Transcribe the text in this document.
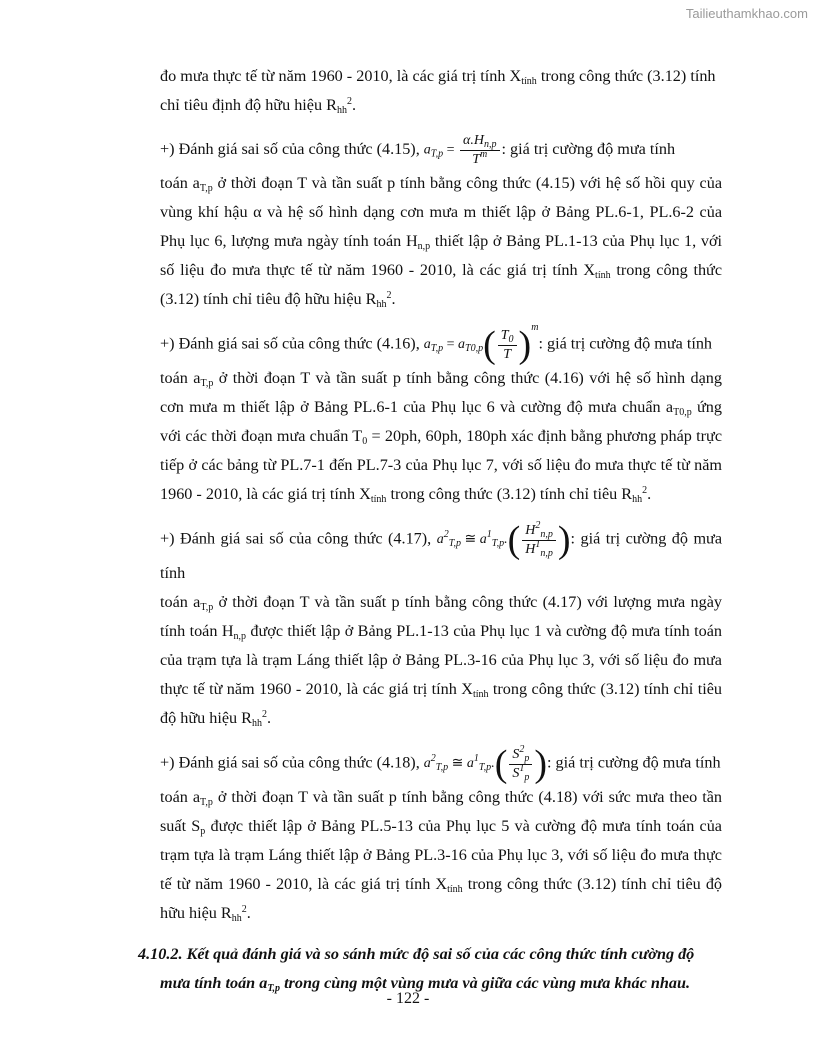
Tailieuthamkhao.com

đo mưa thực tế từ năm 1960 - 2010, là các giá trị tính $X_{tính}$ trong công thức (3.12) tính
chỉ tiêu định độ hữu hiệu $R_{hh}^2$.

+) Đánh giá sai số của công thức (4.15), $a_{T,p} = \frac{\alpha.H_{n,p}}{T^m}$ : giá trị cường độ mưa tính
toán $a_{T,p}$ ở thời đoạn T và tần suất p tính bằng công thức (4.15) với hệ số hồi quy của vùng khí hậu α và hệ số hình dạng cơn mưa m thiết lập ở Bảng PL.6-1, PL.6-2 của Phụ lục 6, lượng mưa ngày tính toán $H_{n,p}$ thiết lập ở Bảng PL.1-13 của Phụ lục 1, với số liệu đo mưa thực tế từ năm 1960 - 2010, là các giá trị tính $X_{tính}$ trong công thức (3.12) tính chỉ tiêu độ hữu hiệu $R_{hh}^2$.

+) Đánh giá sai số của công thức (4.16), $a_{T,p} = a_{T0,p}( \frac{T_0}{T} )^m$: giá trị cường độ mưa tính
toán $a_{T,p}$ ở thời đoạn T và tần suất p tính bằng công thức (4.16) với hệ số hình dạng cơn mưa m thiết lập ở Bảng PL.6-1 của Phụ lục 6 và cường độ mưa chuẩn $a_{T0,p}$ ứng với các thời đoạn mưa chuẩn $T_0 = 20ph$, 60ph, 180ph xác định bằng phương pháp trực tiếp ở các bảng từ PL.7-1 đến PL.7-3 của Phụ lục 7, với số liệu đo mưa thực tế từ năm 1960 - 2010, là các giá trị tính $X_{tính}$ trong công thức (3.12) tính chỉ tiêu $R_{hh}^2$.

+) Đánh giá sai số của công thức (4.17), $a^2_{T,p}$ ≅ $a^1_{T,p}.( \frac{H^2_{n,p}}{H^1_{n,p}}$ ): giá trị cường độ mưa tính
toán $a_{T,p}$ ở thời đoạn T và tần suất p tính bằng công thức (4.17) với lượng mưa ngày tính toán $H_{n,p}$ được thiết lập ở Bảng PL.1-13 của Phụ lục 1 và cường độ mưa tính toán của trạm tựa là trạm Láng thiết lập ở Bảng PL.3-16 của Phụ lục 3, với số liệu đo mưa thực tế từ năm 1960 - 2010, là các giá trị tính $X_{tính}$ trong công thức (3.12) tính chỉ tiêu độ hữu hiệu $R_{hh}^2$.

+) Đánh giá sai số của công thức (4.18), $a^2_{T,p}$ ≅ $a^1_{T,p}.( \frac{S^2_p}{S^1_p}$ ): giá trị cường độ mưa tính
toán $a_{T,p}$ ở thời đoạn T và tần suất p tính bằng công thức (4.18) với sức mưa theo tần suất $S_p$ được thiết lập ở Bảng PL.5-13 của Phụ lục 5 và cường độ mưa tính toán của trạm tựa là trạm Láng thiết lập ở Bảng PL.3-16 của Phụ lục 3, với số liệu đo mưa thực tế từ năm 1960 - 2010, là các giá trị tính $X_{tính}$ trong công thức (3.12) tính chỉ tiêu độ hữu hiệu $R_{hh}^2$.

4.10.2. Kết quả đánh giá và so sánh mức độ sai số của các công thức tính cường độ
mưa tính toán $a_{T,p}$ trong cùng một vùng mưa và giữa các vùng mưa khác nhau.
- 122 -
